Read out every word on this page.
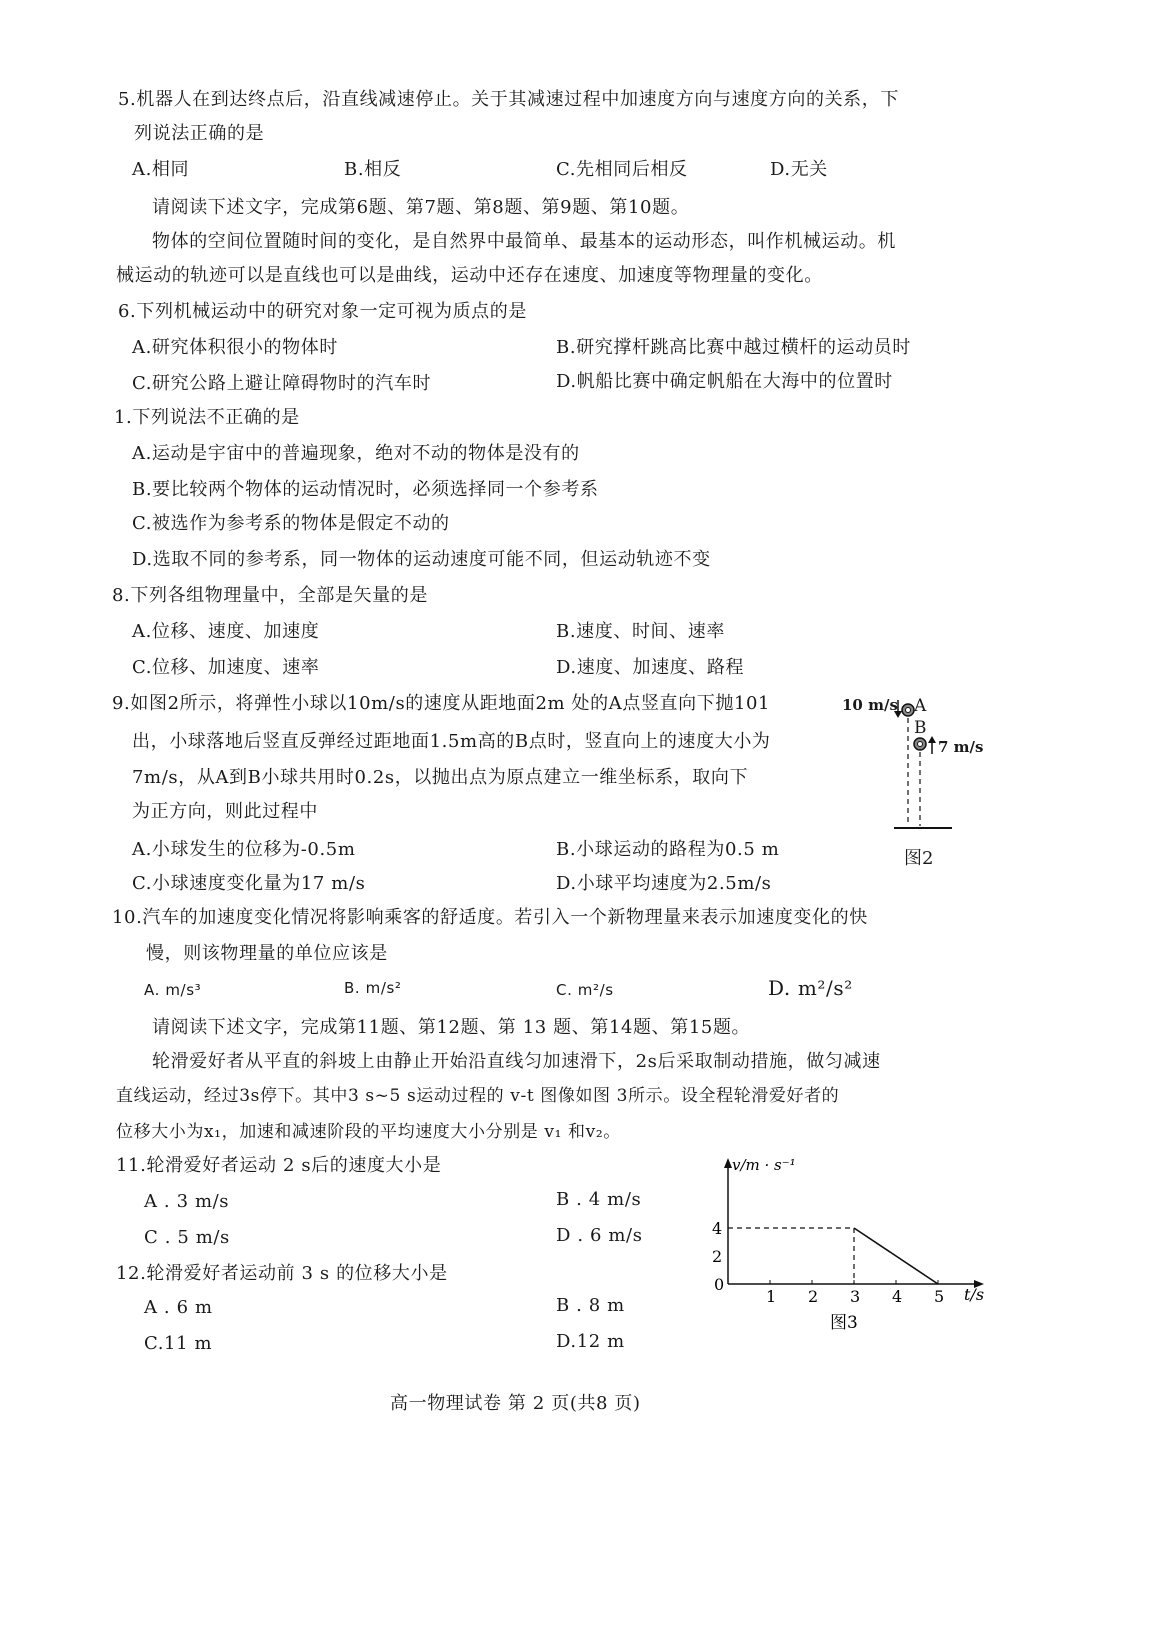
5.机器人在到达终点后，沿直线减速停止。关于其减速过程中加速度方向与速度方向的关系，下
列说法正确的是
A.相同	B.相反	C.先相同后相反	D.无关
请阅读下述文字，完成第6题、第7题、第8题、第9题、第10题。
物体的空间位置随时间的变化，是自然界中最简单、最基本的运动形态，叫作机械运动。机
械运动的轨迹可以是直线也可以是曲线，运动中还存在速度、加速度等物理量的变化。
6.下列机械运动中的研究对象一定可视为质点的是
A.研究体积很小的物体时	B.研究撑杆跳高比赛中越过横杆的运动员时
C.研究公路上避让障碍物时的汽车时	D.帆船比赛中确定帆船在大海中的位置时
1.下列说法不正确的是
A.运动是宇宙中的普遍现象，绝对不动的物体是没有的
B.要比较两个物体的运动情况时，必须选择同一个参考系
C.被选作为参考系的物体是假定不动的
D.选取不同的参考系，同一物体的运动速度可能不同，但运动轨迹不变
8.下列各组物理量中，全部是矢量的是
A.位移、速度、加速度	B.速度、时间、速率
C.位移、加速度、速率	D.速度、加速度、路程
9.如图2所示，将弹性小球以10m/s的速度从距地面2m 处的A点竖直向下抛101
出，小球落地后竖直反弹经过距地面1.5m高的B点时，竖直向上的速度大小为
7m/s，从A到B小球共用时0.2s，以抛出点为原点建立一维坐标系，取向下
为正方向，则此过程中
A.小球发生的位移为-0.5m	B.小球运动的路程为0.5 m
C.小球速度变化量为17 m/s	D.小球平均速度为2.5m/s
10 m/s A
B
7 m/s
图2
10.汽车的加速度变化情况将影响乘客的舒适度。若引入一个新物理量来表示加速度变化的快
慢，则该物理量的单位应该是
A. m/s³	B. m/s²	C. m²/s	D. m²/s²
请阅读下述文字，完成第11题、第12题、第 13 题、第14题、第15题。
轮滑爱好者从平直的斜坡上由静止开始沿直线匀加速滑下，2s后采取制动措施，做匀减速
直线运动，经过3s停下。其中3 s~5 s运动过程的 v-t 图像如图 3所示。设全程轮滑爱好者的
位移大小为x₁，加速和减速阶段的平均速度大小分别是 v₁ 和v₂。
11.轮滑爱好者运动 2 s后的速度大小是
A . 3 m/s	B . 4 m/s
C . 5 m/s	D . 6 m/s
12.轮滑爱好者运动前 3 s 的位移大小是
A . 6 m	B . 8 m
C.11 m	D.12 m
v/m · s⁻¹
t/s
0
2
4
1 2 3 4 5
图3
高一物理试卷 第 2 页(共8 页)
